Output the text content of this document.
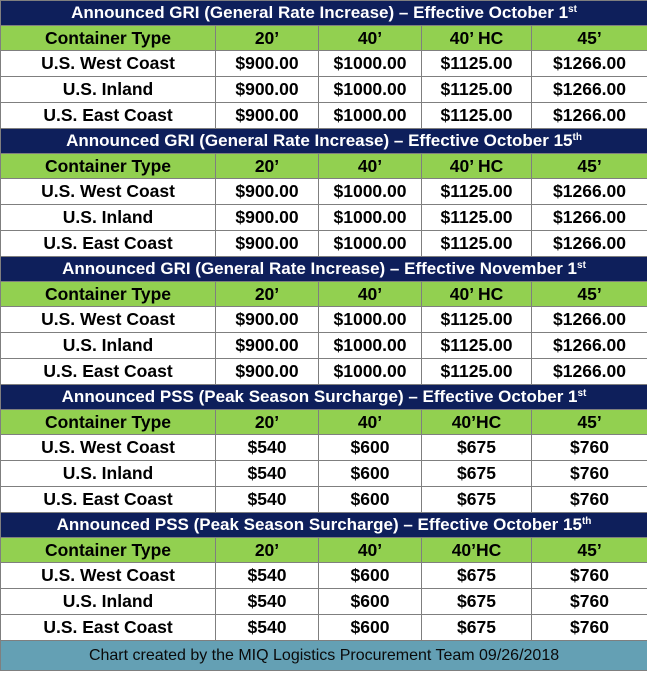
Announced GRI (General Rate Increase) – Effective October 1st
Container Type	20’	40’	40’ HC	45’
U.S. West Coast	$900.00	$1000.00	$1125.00	$1266.00
U.S. Inland	$900.00	$1000.00	$1125.00	$1266.00
U.S. East Coast	$900.00	$1000.00	$1125.00	$1266.00
Announced GRI (General Rate Increase) – Effective October 15th
Container Type	20’	40’	40’ HC	45’
U.S. West Coast	$900.00	$1000.00	$1125.00	$1266.00
U.S. Inland	$900.00	$1000.00	$1125.00	$1266.00
U.S. East Coast	$900.00	$1000.00	$1125.00	$1266.00
Announced GRI (General Rate Increase) – Effective November 1st
Container Type	20’	40’	40’ HC	45’
U.S. West Coast	$900.00	$1000.00	$1125.00	$1266.00
U.S. Inland	$900.00	$1000.00	$1125.00	$1266.00
U.S. East Coast	$900.00	$1000.00	$1125.00	$1266.00
Announced PSS (Peak Season Surcharge) – Effective October 1st
Container Type	20’	40’	40’HC	45’
U.S. West Coast	$540	$600	$675	$760
U.S. Inland	$540	$600	$675	$760
U.S. East Coast	$540	$600	$675	$760
Announced PSS (Peak Season Surcharge) – Effective October 15th
Container Type	20’	40’	40’HC	45’
U.S. West Coast	$540	$600	$675	$760
U.S. Inland	$540	$600	$675	$760
U.S. East Coast	$540	$600	$675	$760
Chart created by the MIQ Logistics Procurement Team 09/26/2018				
